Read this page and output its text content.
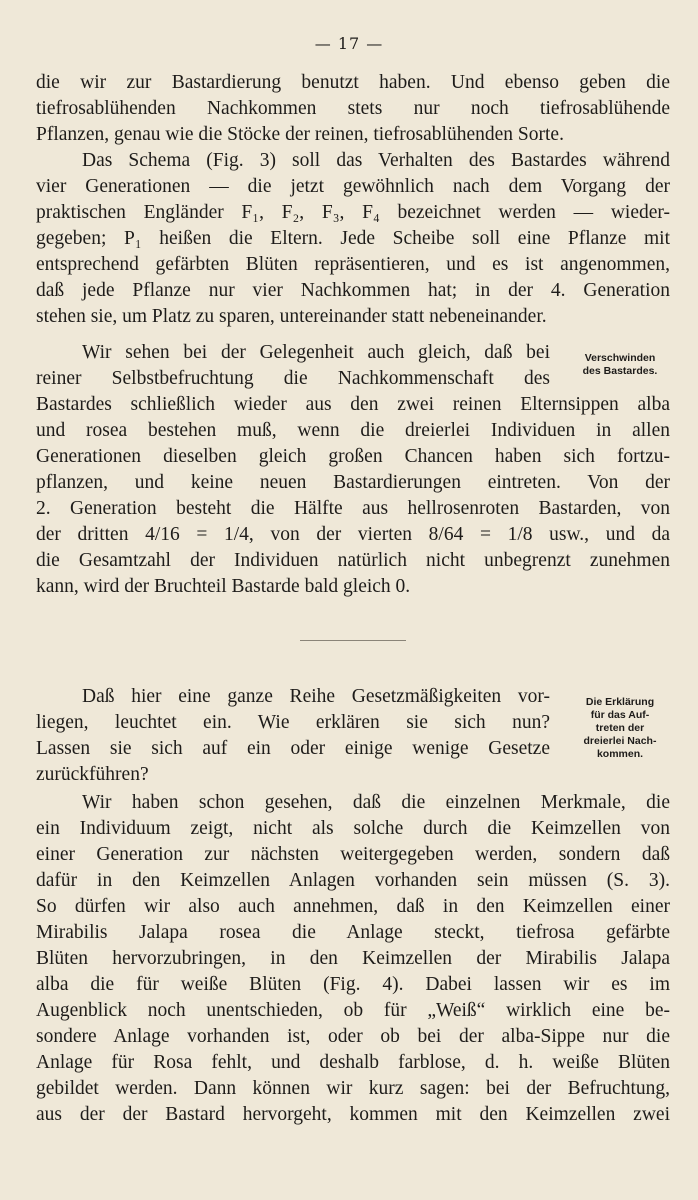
— 17 —
die wir zur Bastardierung benutzt haben. Und ebenso geben die
tiefrosablühenden Nachkommen stets nur noch tiefrosablühende
Pflanzen, genau wie die Stöcke der reinen, tiefrosablühenden Sorte.
Das Schema (Fig. 3) soll das Verhalten des Bastardes während
vier Generationen — die jetzt gewöhnlich nach dem Vorgang der
praktischen Engländer F₁, F₂, F₃, F₄ bezeichnet werden — wieder-
gegeben; P₁ heißen die Eltern. Jede Scheibe soll eine Pflanze mit
entsprechend gefärbten Blüten repräsentieren, und es ist angenommen,
daß jede Pflanze nur vier Nachkommen hat; in der 4. Generation
stehen sie, um Platz zu sparen, untereinander statt nebeneinander.
Wir sehen bei der Gelegenheit auch gleich, daß bei
reiner Selbstbefruchtung die Nachkommenschaft des
Bastardes schließlich wieder aus den zwei reinen Elternsippen alba
und rosea bestehen muß, wenn die dreierlei Individuen in allen
Generationen dieselben gleich großen Chancen haben sich fortzu-
pflanzen, und keine neuen Bastardierungen eintreten. Von der
2. Generation besteht die Hälfte aus hellrosenroten Bastarden, von
der dritten 4/16 = 1/4, von der vierten 8/64 = 1/8 usw., und da
die Gesamtzahl der Individuen natürlich nicht unbegrenzt zunehmen
kann, wird der Bruchteil Bastarde bald gleich 0.
Verschwinden
des Bastardes.
Daß hier eine ganze Reihe Gesetzmäßigkeiten vor-
liegen, leuchtet ein. Wie erklären sie sich nun?
Lassen sie sich auf ein oder einige wenige Gesetze
zurückführen?
Wir haben schon gesehen, daß die einzelnen Merkmale, die
ein Individuum zeigt, nicht als solche durch die Keimzellen von
einer Generation zur nächsten weitergegeben werden, sondern daß
dafür in den Keimzellen Anlagen vorhanden sein müssen (S. 3).
So dürfen wir also auch annehmen, daß in den Keimzellen einer
Mirabilis Jalapa rosea die Anlage steckt, tiefrosa gefärbte
Blüten hervorzubringen, in den Keimzellen der Mirabilis Jalapa
alba die für weiße Blüten (Fig. 4). Dabei lassen wir es im
Augenblick noch unentschieden, ob für „Weiß“ wirklich eine be-
sondere Anlage vorhanden ist, oder ob bei der alba-Sippe nur die
Anlage für Rosa fehlt, und deshalb farblose, d. h. weiße Blüten
gebildet werden. Dann können wir kurz sagen: bei der Befruchtung,
aus der der Bastard hervorgeht, kommen mit den Keimzellen zwei
Die Erklärung
für das Auf-
treten der
dreierlei Nach-
kommen.
